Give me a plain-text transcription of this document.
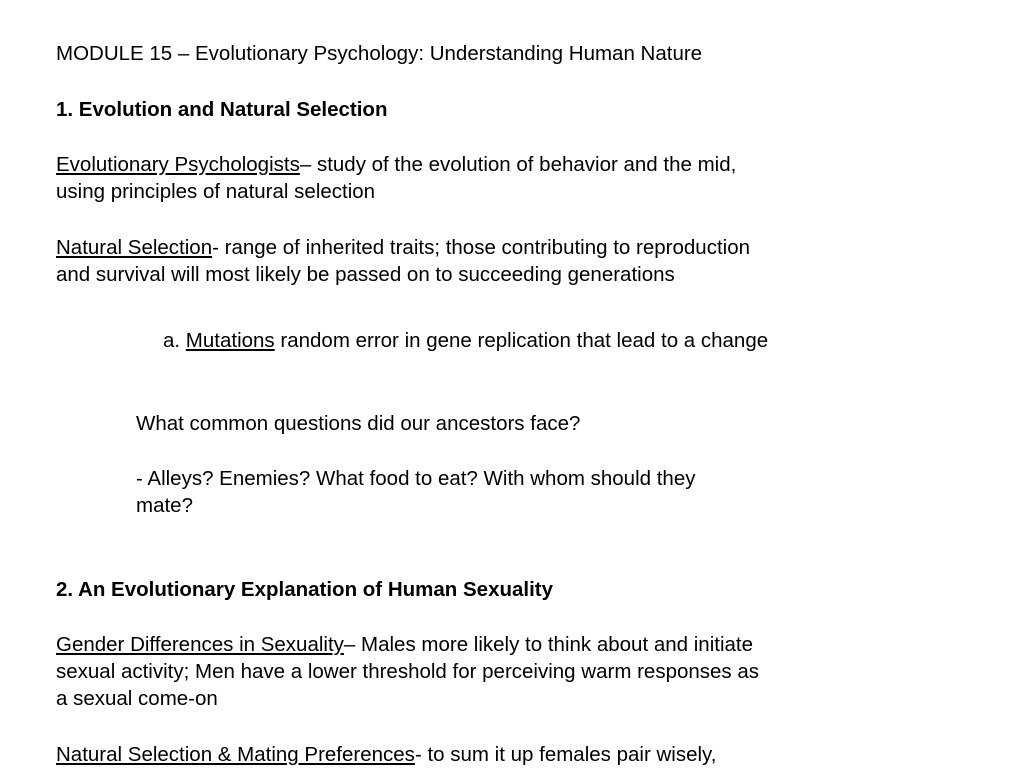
MODULE 15 – Evolutionary Psychology: Understanding Human Nature

1. Evolution and Natural Selection

Evolutionary Psychologists– study of the evolution of behavior and the mid,
using principles of natural selection

Natural Selection- range of inherited traits; those contributing to reproduction
and survival will most likely be passed on to succeeding generations

a. Mutations random error in gene replication that lead to a change

What common questions did our ancestors face?

- Alleys? Enemies? What food to eat? With whom should they
mate?

2. An Evolutionary Explanation of Human Sexuality

Gender Differences in Sexuality– Males more likely to think about and initiate
sexual activity; Men have a lower threshold for perceiving warm responses as
a sexual come-on

Natural Selection & Mating Preferences- to sum it up females pair wisely,
